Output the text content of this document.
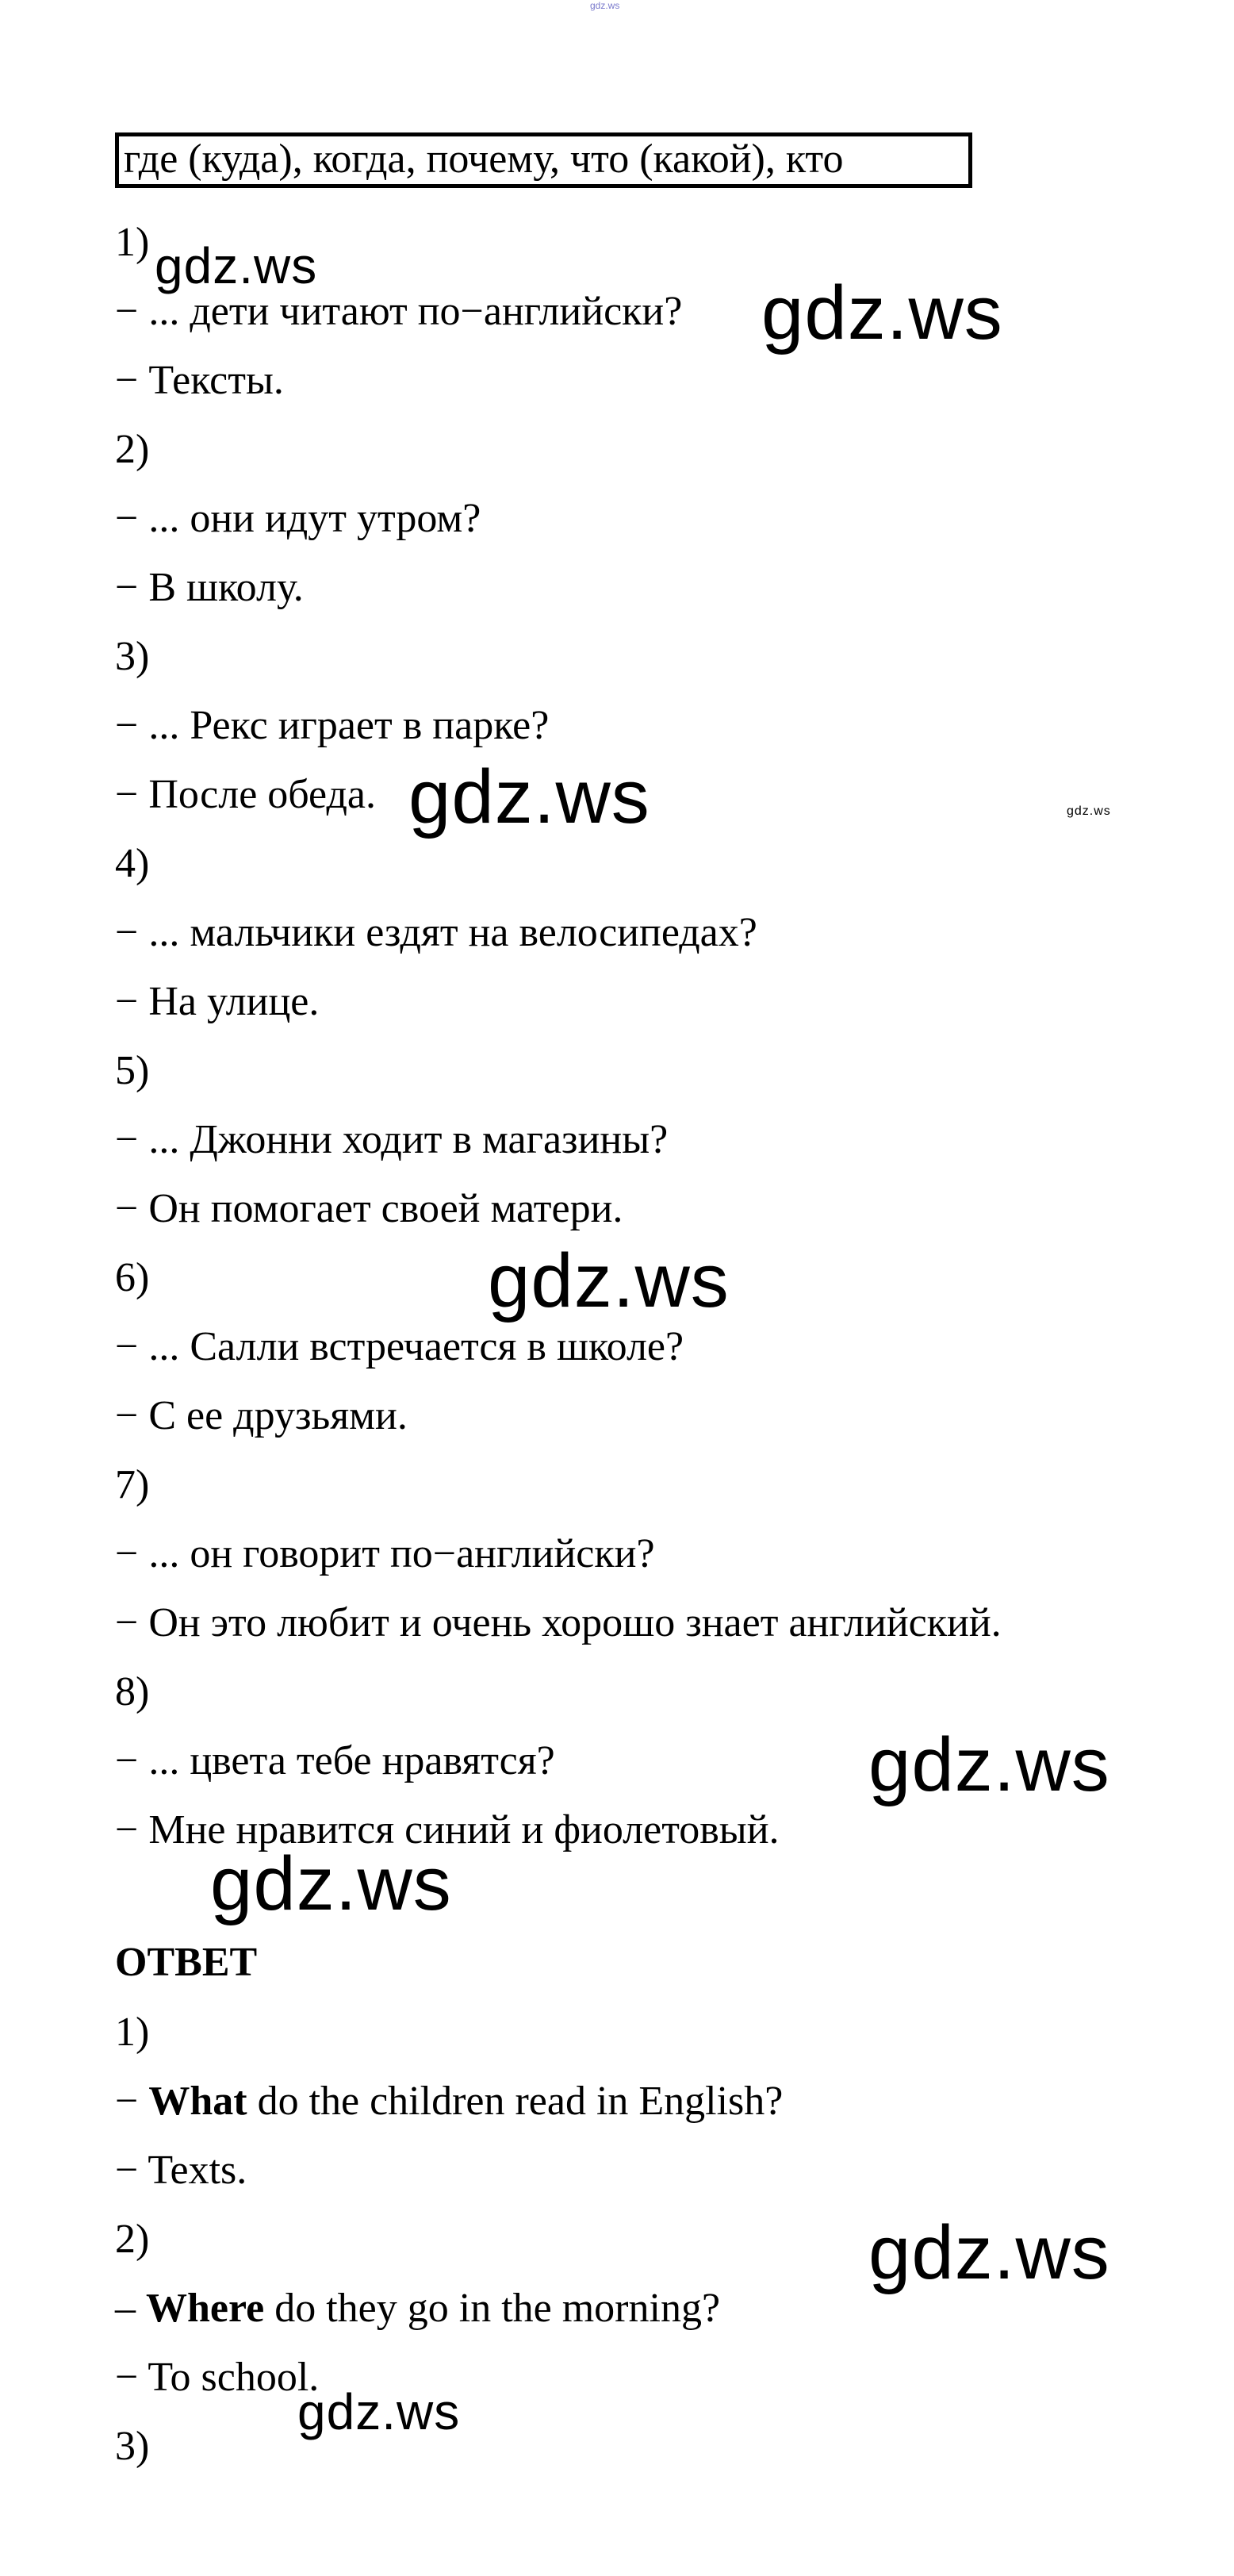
gdz.ws
где (куда), когда, почему, что (какой), кто
1)
− ... дети читают по−английски?
− Тексты.
2)
− ... они идут утром?
− В школу.
3)
− ... Рекс играет в парке?
− После обеда.
4)
− ... мальчики ездят на велосипедах?
− На улице.
5)
− ... Джонни ходит в магазины?
− Он помогает своей матери.
6)
− ... Салли встречается в школе?
− С ее друзьями.
7)
− ... он говорит по−английски?
− Он это любит и очень хорошо знает английский.
8)
− ... цвета тебе нравятся?
− Мне нравится синий и фиолетовый.
ОТВЕТ
1)
− What do the children read in English?
− Texts.
2)
– Where do they go in the morning?
− To school.
3)
gdz.ws
gdz.ws
gdz.ws	gdz.ws
gdz.ws
gdz.ws
gdz.ws
gdz.ws
gdz.ws
